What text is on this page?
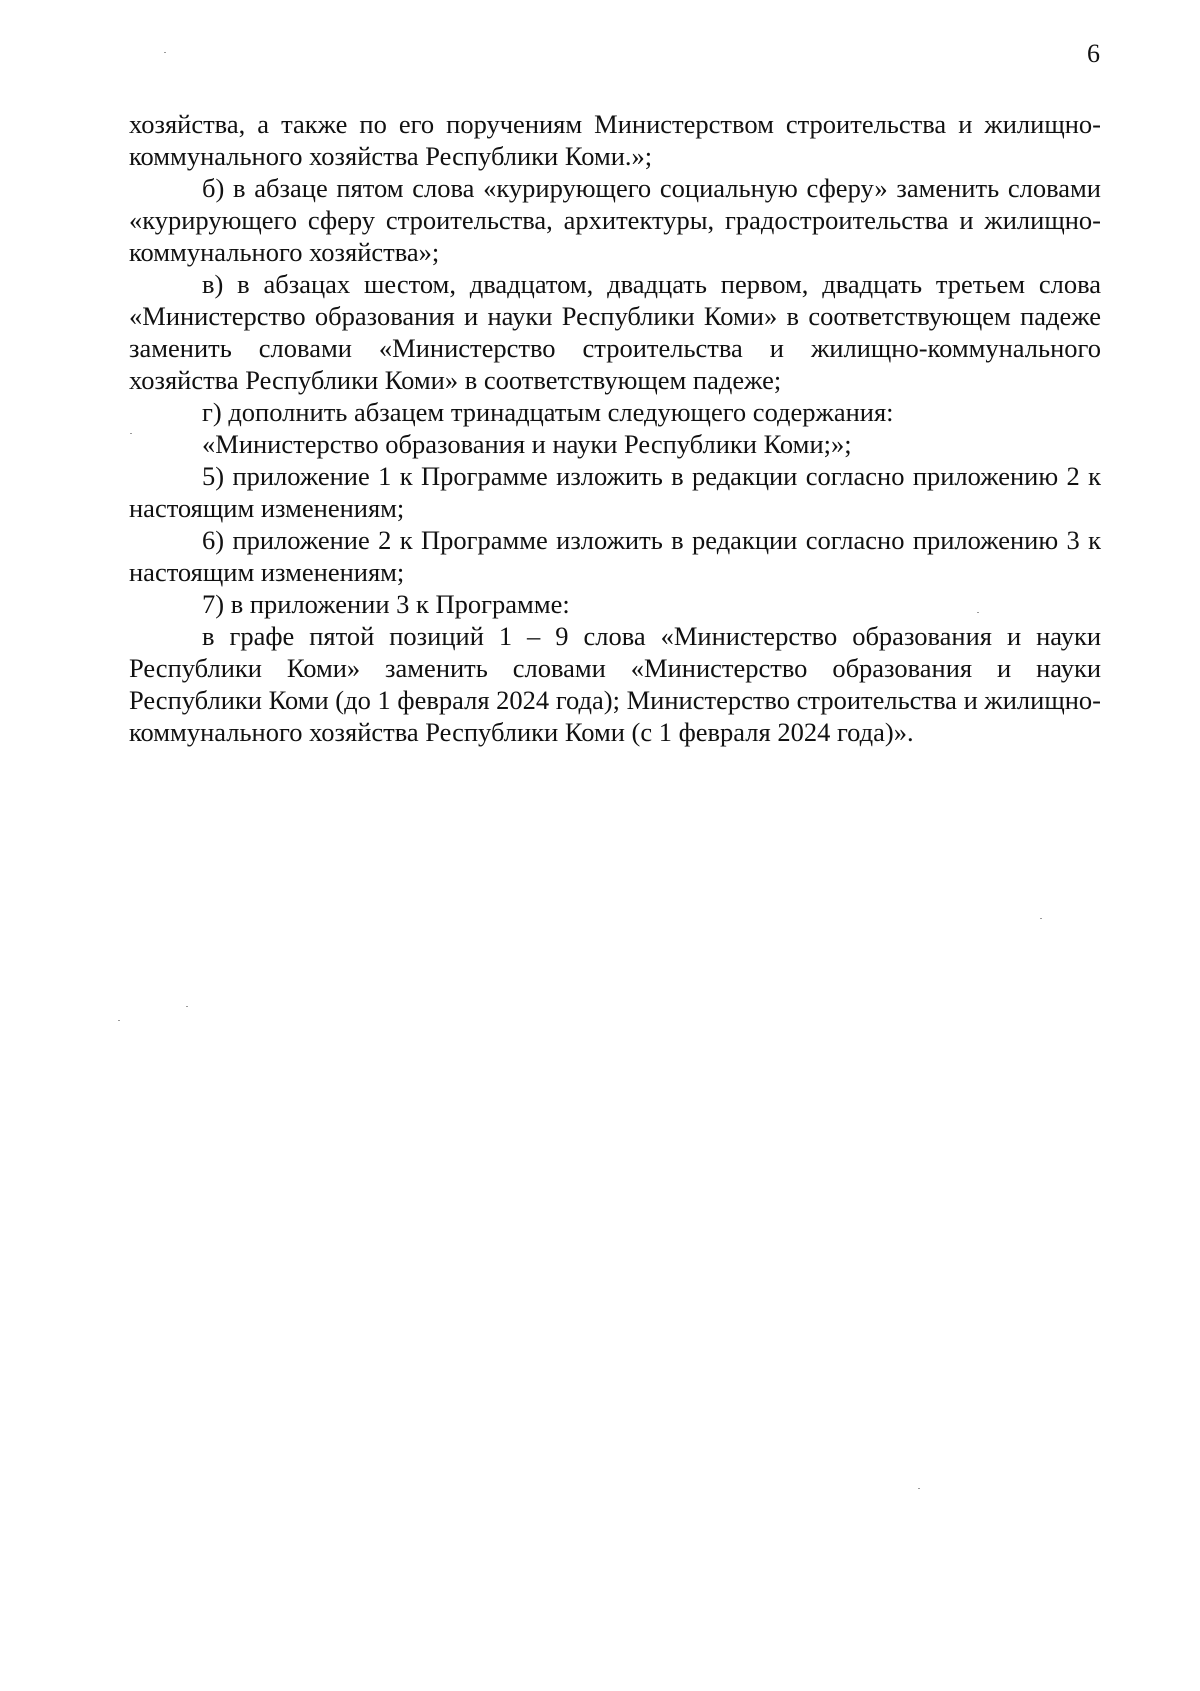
6

хозяйства, а также по его поручениям Министерством строительства и жилищно-коммунального хозяйства Республики Коми.»;

б) в абзаце пятом слова «курирующего социальную сферу» заменить словами «курирующего сферу строительства, архитектуры, градостроительства и жилищно-коммунального хозяйства»;

в) в абзацах шестом, двадцатом, двадцать первом, двадцать третьем слова «Министерство образования и науки Республики Коми» в соответствующем падеже заменить словами «Министерство строительства и жилищно-коммунального хозяйства Республики Коми» в соответствующем падеже;

г) дополнить абзацем тринадцатым следующего содержания:

«Министерство образования и науки Республики Коми;»;

5) приложение 1 к Программе изложить в редакции согласно приложению 2 к настоящим изменениям;

6) приложение 2 к Программе изложить в редакции согласно приложению 3 к настоящим изменениям;

7) в приложении 3 к Программе:

в графе пятой позиций 1 – 9 слова «Министерство образования и науки Республики Коми» заменить словами «Министерство образования и науки Республики Коми (до 1 февраля 2024 года); Министерство строительства и жилищно-коммунального хозяйства Республики Коми (с 1 февраля 2024 года)».
